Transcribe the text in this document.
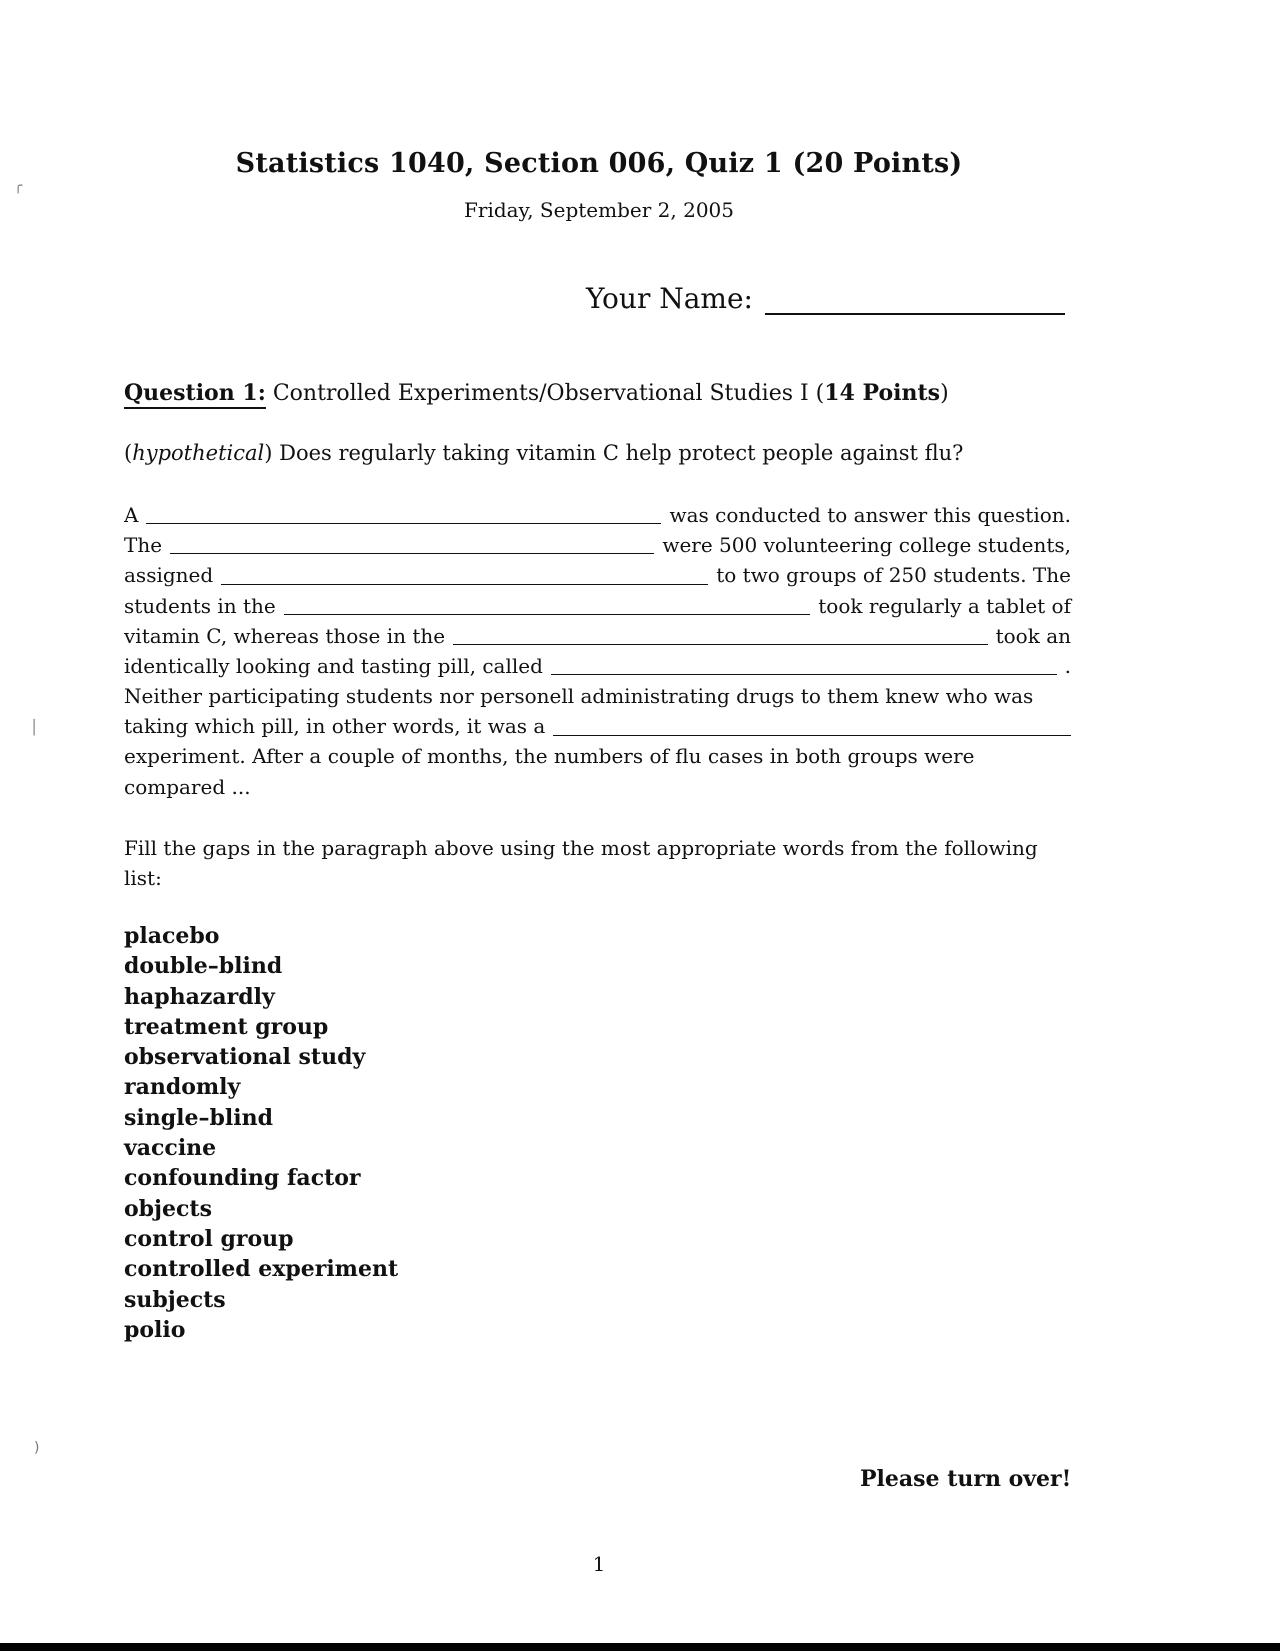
Statistics 1040, Section 006, Quiz 1 (20 Points)
Friday, September 2, 2005
Your Name:
Question 1: Controlled Experiments/Observational Studies I (14 Points)
(hypothetical) Does regularly taking vitamin C help protect people against flu?
A	was conducted to answer this question.
The	were 500 volunteering college students,
assigned	to two groups of 250 students. The
students in the	took regularly a tablet of
vitamin C, whereas those in the	took an
identically looking and tasting pill, called	.
Neither participating students nor personell administrating drugs to them knew who was
taking which pill, in other words, it was a
experiment. After a couple of months, the numbers of flu cases in both groups were
compared ...
Fill the gaps in the paragraph above using the most appropriate words from the following list:
placebo
double–blind
haphazardly
treatment group
observational study
randomly
single–blind
vaccine
confounding factor
objects
control group
controlled experiment
subjects
polio
Please turn over!
1
╭
│
)
